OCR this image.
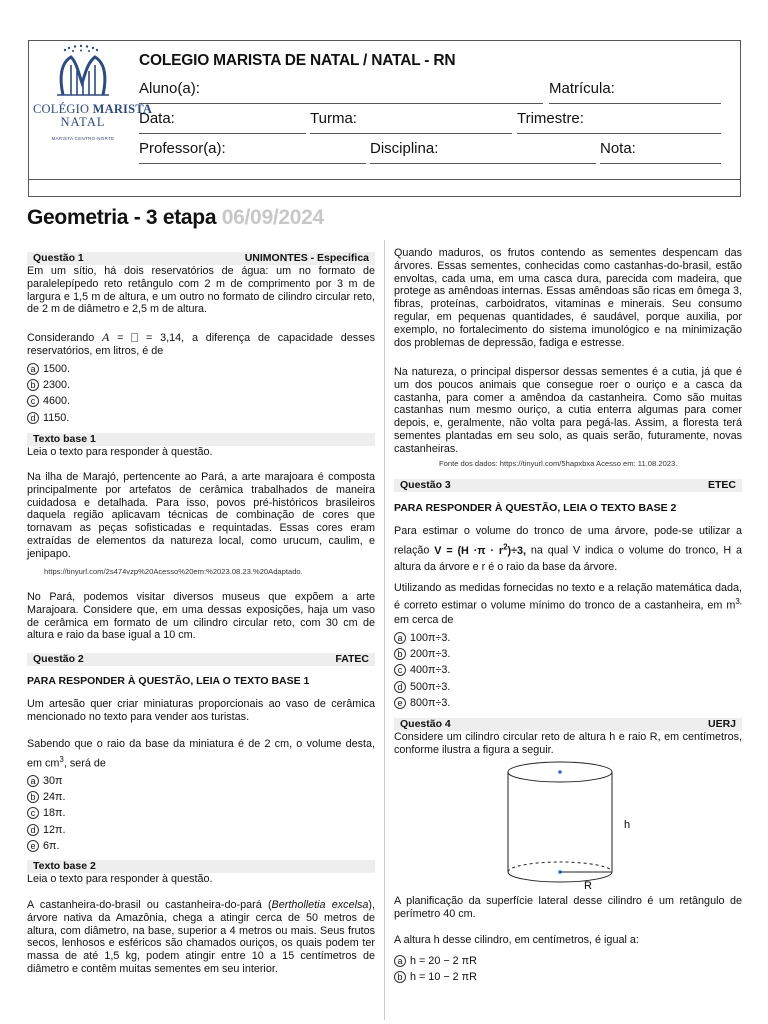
COLÉGIO MARISTA
NATAL
MARISTA CENTRO-NORTE
COLEGIO MARISTA DE NATAL / NATAL - RN
Aluno(a):	Matrícula:
Data:	Turma:	Trimestre:
Professor(a):	Disciplina:	Nota:
Geometria - 3 etapa 06/09/2024
Questão 1	UNIMONTES - Especifica
Em um sítio, há dois reservatórios de água: um no formato de paralelepípedo reto retângulo com 2 m de comprimento por 3 m de largura e 1,5 m de altura, e um outro no formato de cilindro circular reto, de 2 m de diâmetro e 2,5 m de altura.
Considerando A =  = 3,14, a diferença de capacidade desses reservatórios, em litros, é de
a 1500.
b 2300.
c 4600.
d 1150.
Texto base 1
Leia o texto para responder à questão.
Na ilha de Marajó, pertencente ao Pará, a arte marajoara é composta principalmente por artefatos de cerâmica trabalhados de maneira cuidadosa e detalhada. Para isso, povos pré-históricos brasileiros daquela região aplicavam técnicas de combinação de cores que tornavam as peças sofisticadas e requintadas. Essas cores eram extraídas de elementos da natureza local, como urucum, caulim, e jenipapo.
https://tinyurl.com/2s474vzp%20Acesso%20em:%2023.08.23.%20Adaptado.
No Pará, podemos visitar diversos museus que expõem a arte Marajoara. Considere que, em uma dessas exposições, haja um vaso de cerâmica em formato de um cilindro circular reto, com 30 cm de altura e raio da base igual a 10 cm.
Questão 2	FATEC
PARA RESPONDER À QUESTÃO, LEIA O TEXTO BASE 1
Um artesão quer criar miniaturas proporcionais ao vaso de cerâmica mencionado no texto para vender aos turistas.
Sabendo que o raio da base da miniatura é de 2 cm, o volume desta, em $cm^3$, será de
a 30π
b 24π.
c 18π.
d 12π.
e 6π.
Texto base 2
Leia o texto para responder à questão.
A castanheira-do-brasil ou castanheira-do-pará (Bertholletia excelsa), árvore nativa da Amazônia, chega a atingir cerca de 50 metros de altura, com diâmetro, na base, superior a 4 metros ou mais. Seus frutos secos, lenhosos e esféricos são chamados ouriços, os quais podem ter massa de até 1,5 kg, podem atingir entre 10 a 15 centímetros de diâmetro e contêm muitas sementes em seu interior.
Quando maduros, os frutos contendo as sementes despencam das árvores. Essas sementes, conhecidas como castanhas-do-brasil, estão envoltas, cada uma, em uma casca dura, parecida com madeira, que protege as amêndoas internas. Essas amêndoas são ricas em ômega 3, fibras, proteínas, carboidratos, vitaminas e minerais. Seu consumo regular, em pequenas quantidades, é saudável, porque auxilia, por exemplo, no fortalecimento do sistema imunológico e na minimização dos problemas de depressão, fadiga e estresse.
Na natureza, o principal dispersor dessas sementes é a cutia, já que é um dos poucos animais que consegue roer o ouriço e a casca da castanha, para comer a amêndoa da castanheira. Como são muitas castanhas num mesmo ouriço, a cutia enterra algumas para comer depois, e, geralmente, não volta para pegá-las. Assim, a floresta terá sementes plantadas em seu solo, as quais serão, futuramente, novas castanheiras.
Fonte dos dados: https://tinyurl.com/5hapxbxa Acesso em: 11.08.2023.
Questão 3	ETEC
PARA RESPONDER À QUESTÃO, LEIA O TEXTO BASE 2
Para estimar o volume do tronco de uma árvore, pode-se utilizar a relação $V = (H \cdot\pi \cdot r^2)\div 3$, na qual V indica o volume do tronco, H a altura da árvore e r é o raio da base da árvore.
Utilizando as medidas fornecidas no texto e a relação matemática dada, é correto estimar o volume mínimo do tronco de a castanheira, em $m^{3,}$ em cerca de
a 100π÷3.
b 200π÷3.
c 400π÷3.
d 500π÷3.
e 800π÷3.
Questão 4	UERJ
Considere um cilindro circular reto de altura h e raio R, em centímetros, conforme ilustra a figura a seguir.
h
R
A planificação da superfície lateral desse cilindro é um retângulo de perímetro 40 cm.
A altura h desse cilindro, em centímetros, é igual a:
a h = 20 − 2 πR
b h = 10 − 2 πR
